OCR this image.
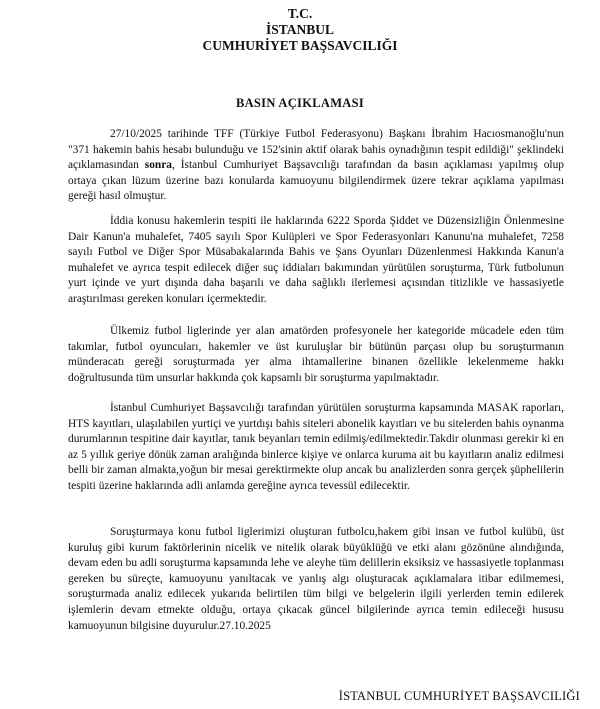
T.C.
İSTANBUL
CUMHURİYET BAŞSAVCILIĞI
BASIN AÇIKLAMASI

27/10/2025 tarihinde TFF (Türkiye Futbol Federasyonu) Başkanı İbrahim Hacıosmanoğlu'nun "371 hakemin bahis hesabı bulunduğu ve 152'sinin aktif olarak bahis oynadığının tespit edildiği" şeklindeki açıklamasından sonra, İstanbul Cumhuriyet Başsavcılığı tarafından da basın açıklaması yapılmış olup ortaya çıkan lüzum üzerine bazı konularda kamuoyunu bilgilendirmek üzere tekrar açıklama yapılması gereği hasıl olmuştur.

İddia konusu hakemlerin tespiti ile haklarında 6222 Sporda Şiddet ve Düzensizliğin Önlenmesine Dair Kanun'a muhalefet, 7405 sayılı Spor Kulüpleri ve Spor Federasyonları Kanunu'na muhalefet, 7258 sayılı Futbol ve Diğer Spor Müsabakalarında Bahis ve Şans Oyunları Düzenlenmesi Hakkında Kanun'a muhalefet ve ayrıca tespit edilecek diğer suç iddiaları bakımından yürütülen soruşturma, Türk futbolunun yurt içinde ve yurt dışında daha başarılı ve daha sağlıklı ilerlemesi açısından titizlikle ve hassasiyetle araştırılması gereken konuları içermektedir.

Ülkemiz futbol liglerinde yer alan amatörden profesyonele her kategoride mücadele eden tüm takımlar, futbol oyuncuları, hakemler ve üst kuruluşlar bir bütünün parçası olup bu soruşturmanın münderacatı gereği soruşturmada yer alma ihtamallerine binanen özellikle lekelenmeme hakkı doğrultusunda tüm unsurlar hakkında çok kapsamlı bir soruşturma yapılmaktadır.

İstanbul Cumhuriyet Başsavcılığı tarafından yürütülen soruşturma kapsamında MASAK raporları, HTS kayıtları, ulaşılabilen yurtiçi ve yurtdışı bahis siteleri abonelik kayıtları ve bu sitelerden bahis oynanma durumlarının tespitine dair kayıtlar, tanık beyanları temin edilmiş/edilmektedir.Takdir olunması gerekir ki en az 5 yıllık geriye dönük zaman aralığında binlerce kişiye ve onlarca kuruma ait bu kayıtların analiz edilmesi belli bir zaman almakta,yoğun bir mesai gerektirmekte olup ancak bu analizlerden sonra gerçek şüphelilerin tespiti üzerine haklarında adli anlamda gereğine ayrıca tevessül edilecektir.

Soruşturmaya konu futbol liglerimizi oluşturan futbolcu,hakem gibi insan ve futbol kulübü, üst kuruluş gibi kurum faktörlerinin nicelik ve nitelik olarak büyüklüğü ve etki alanı gözönüne alındığında, devam eden bu adli soruşturma kapsamında lehe ve aleyhe tüm delillerin eksiksiz ve hassasiyetle toplanması gereken bu süreçte, kamuoyunu yanıltacak ve yanlış algı oluşturacak açıklamalara itibar edilmemesi, soruşturmada analiz edilecek yukarıda belirtilen tüm bilgi ve belgelerin ilgili yerlerden temin edilerek işlemlerin devam etmekte olduğu, ortaya çıkacak güncel bilgilerinde ayrıca temin edileceği hususu kamuoyunun bilgisine duyurulur.27.10.2025

İSTANBUL CUMHURİYET BAŞSAVCILIĞI
